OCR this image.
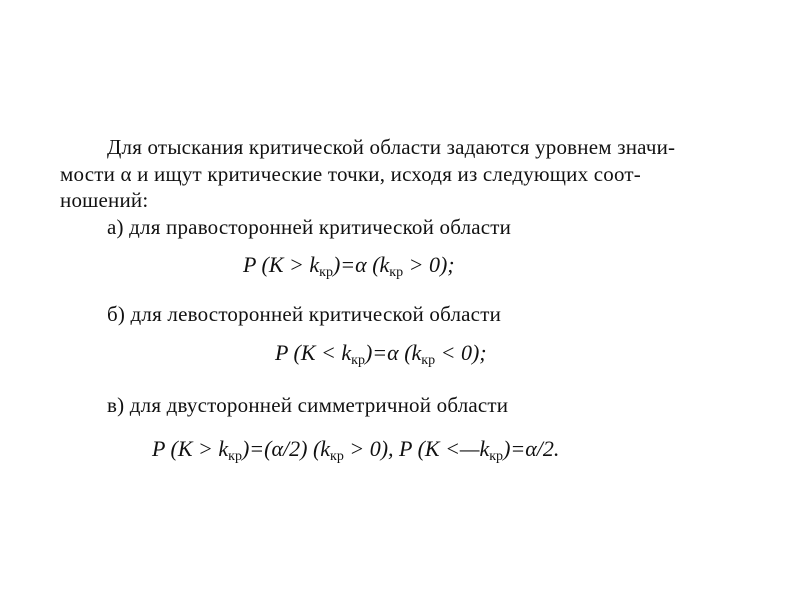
Для отыскания критической области задаются уровнем значи-
мости α и ищут критические точки, исходя из следующих соот-
ношений:
а) для правосторонней критической области
P $(K > k_{кр})=\alpha$ $(k_{кр} > 0)$;
б) для левосторонней критической области
P $(K < k_{кр})=\alpha$ $(k_{кр} < 0)$;
в) для двусторонней симметричной области
P $(K > k_{кр})=(\alpha/2)$ $(k_{кр} > 0)$, P $(K <—k_{кр})=\alpha/2$.
